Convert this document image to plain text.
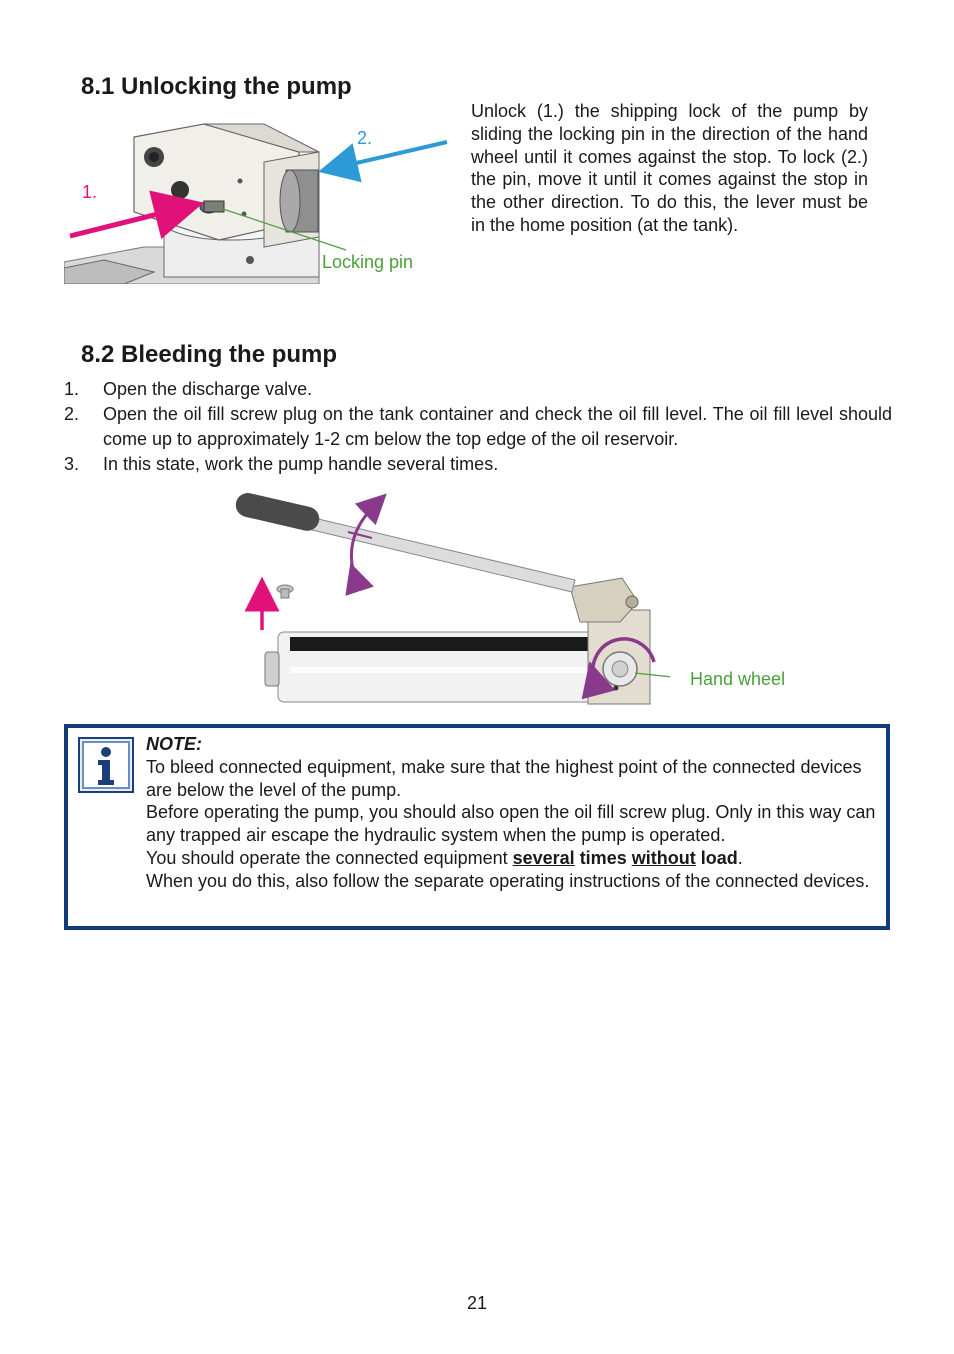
8.1 Unlocking the pump
1.
2.
Locking pin
Unlock (1.) the shipping lock of the pump by sliding the locking pin in the direction of the hand wheel until it comes against the stop. To lock (2.) the pin, move it until it comes against the stop in the other direction. To do this, the lever must be in the home position (at the tank).
8.2 Bleeding the pump
1. Open the discharge valve.
2. Open the oil fill screw plug on the tank container and check the oil fill level. The oil fill level should come up to approximately 1-2 cm below the top edge of the oil reservoir.
3. In this state, work the pump handle several times.
Hand wheel

NOTE:

To bleed connected equipment, make sure that the highest point of the connected devices are below the level of the pump.

Before operating the pump, you should also open the oil fill screw plug. Only in this way can any trapped air escape the hydraulic system when the pump is operated.

You should operate the connected equipment several times without load.

When you do this, also follow the separate operating instructions of the connected devices.

21
